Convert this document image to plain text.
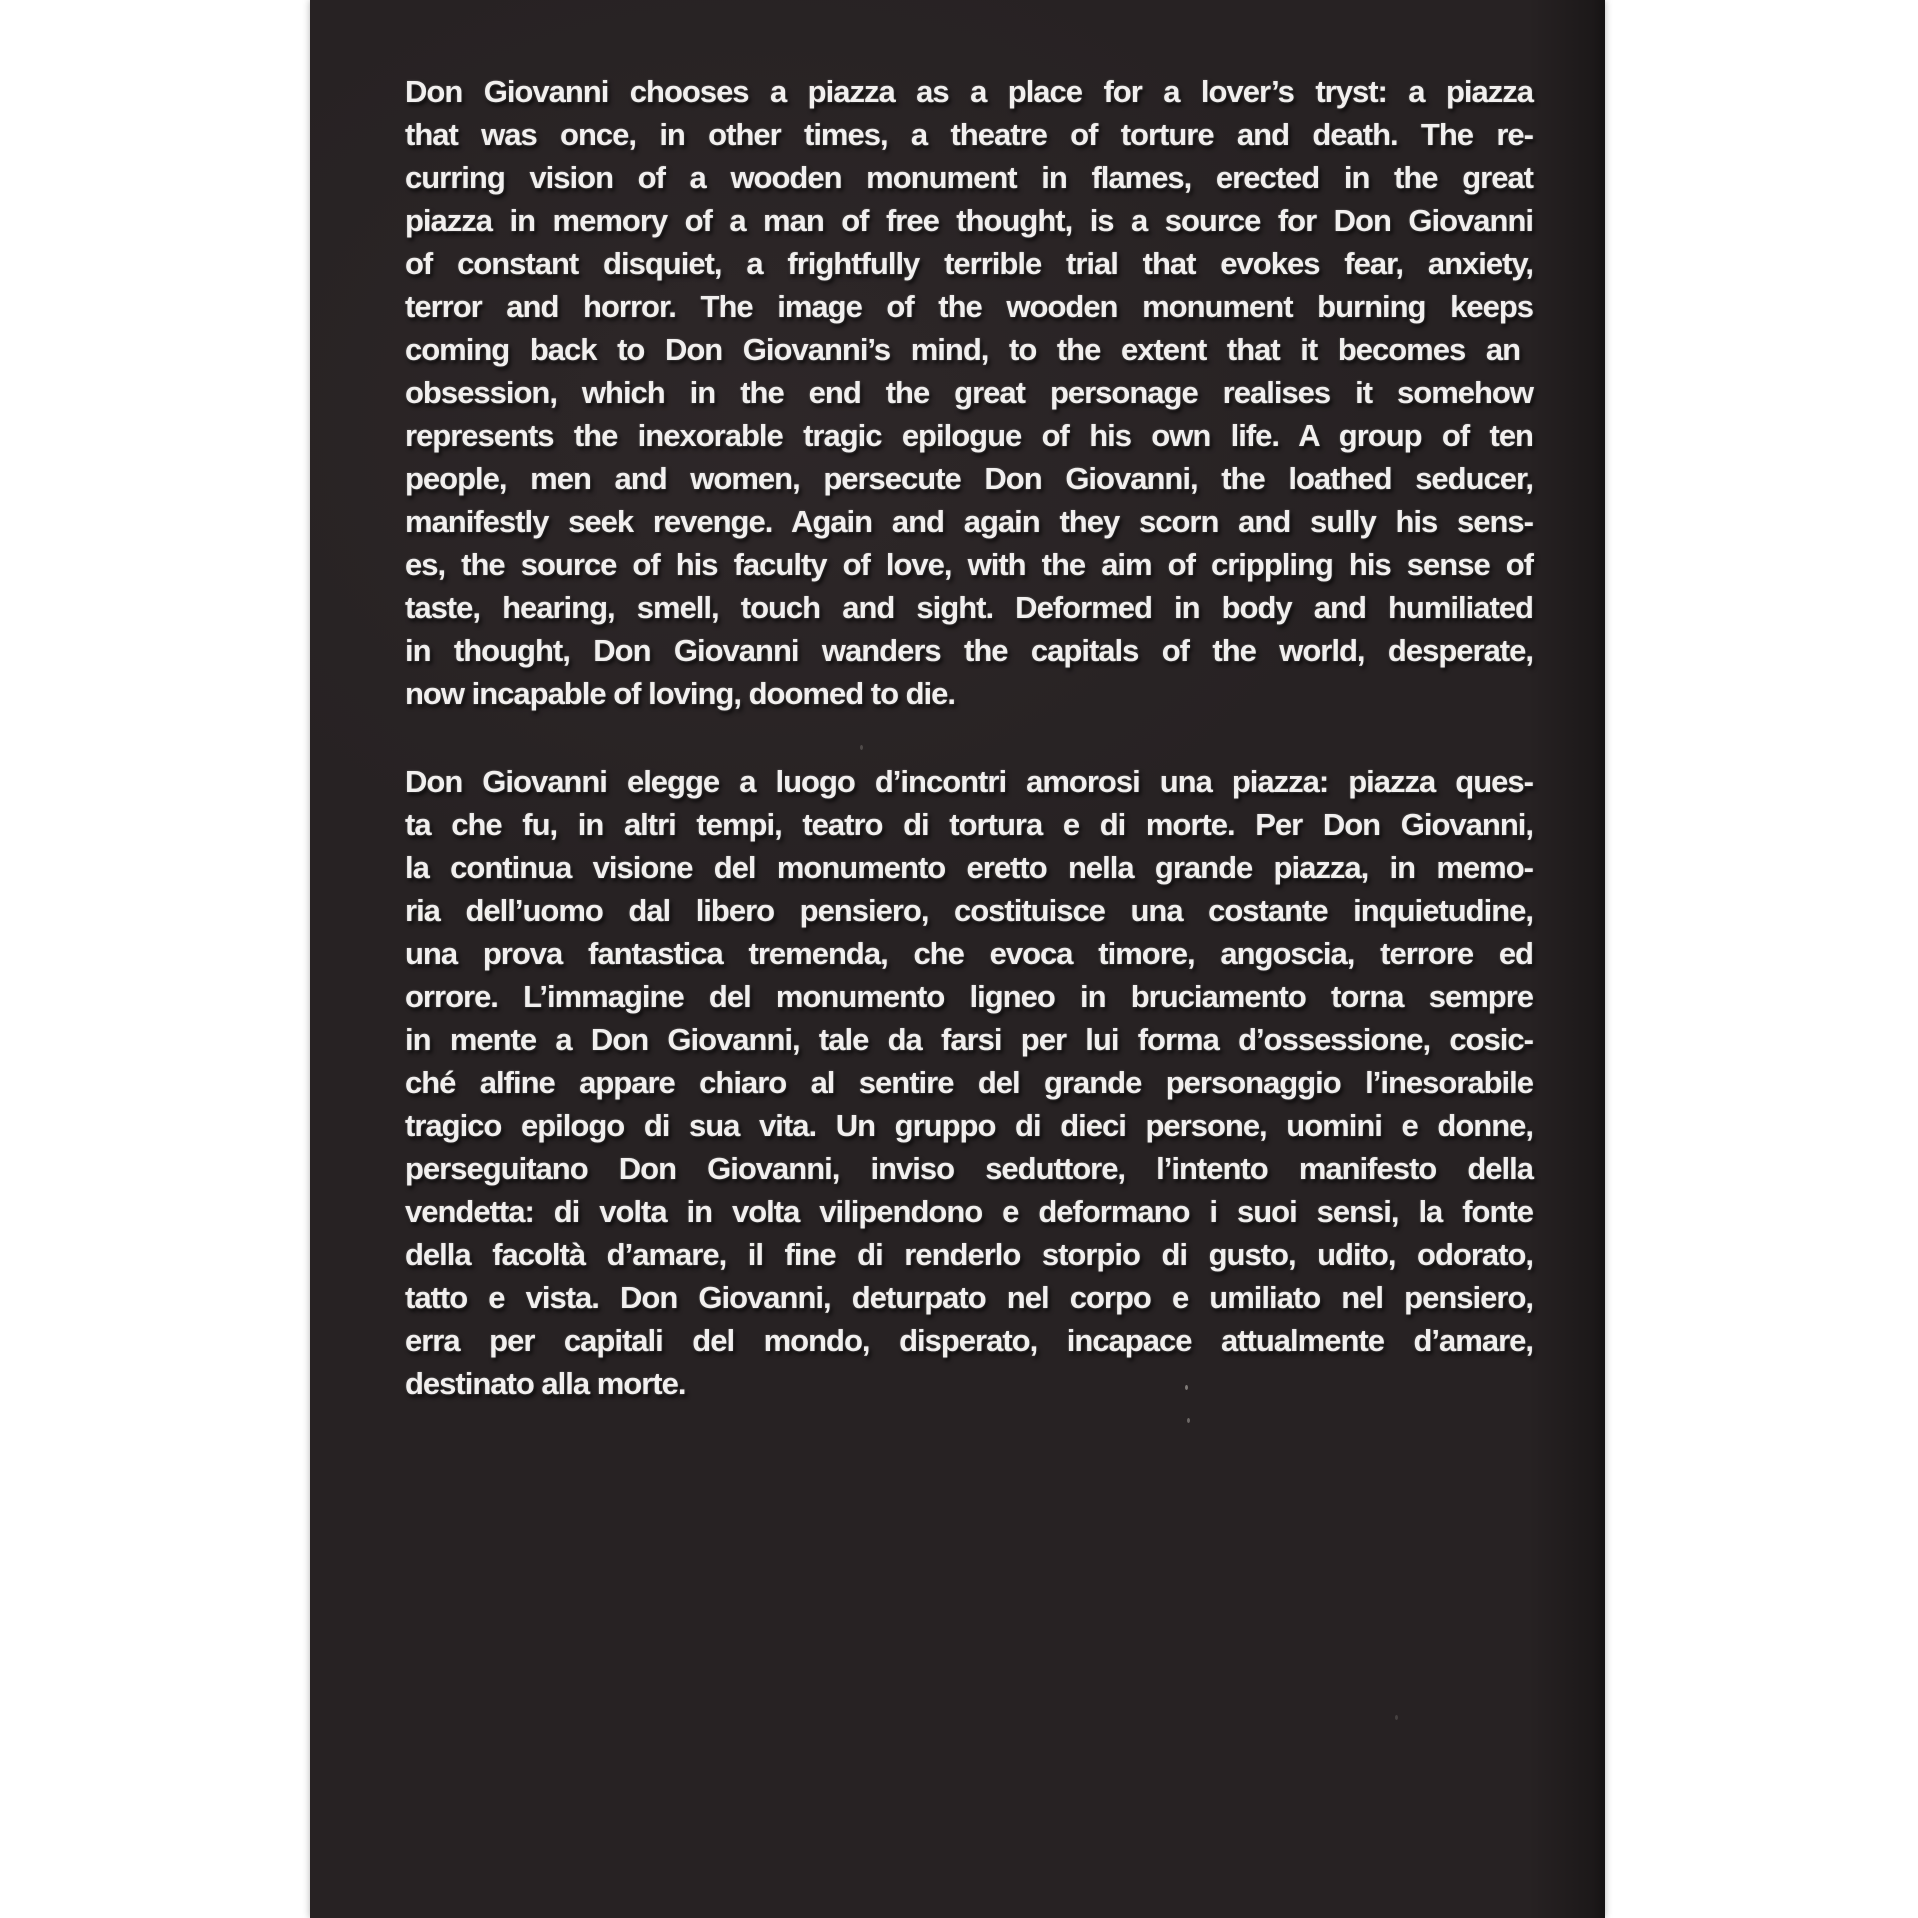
Don Giovanni chooses a piazza as a place for a lover’s tryst: a piazza
that was once, in other times, a theatre of torture and death. The re-
curring vision of a wooden monument in flames, erected in the great
piazza in memory of a man of free thought, is a source for Don Giovanni
of constant disquiet, a frightfully terrible trial that evokes fear, anxiety,
terror and horror. The image of the wooden monument burning keeps
coming back to Don Giovanni’s mind, to the extent that it becomes an
obsession, which in the end the great personage realises it somehow
represents the inexorable tragic epilogue of his own life. A group of ten
people, men and women, persecute Don Giovanni, the loathed seducer,
manifestly seek revenge. Again and again they scorn and sully his sens-
es, the source of his faculty of love, with the aim of crippling his sense of
taste, hearing, smell, touch and sight. Deformed in body and humiliated
in thought, Don Giovanni wanders the capitals of the world, desperate,
now incapable of loving, doomed to die.
Don Giovanni elegge a luogo d’incontri amorosi una piazza: piazza ques-
ta che fu, in altri tempi, teatro di tortura e di morte. Per Don Giovanni,
la continua visione del monumento eretto nella grande piazza, in memo-
ria dell’uomo dal libero pensiero, costituisce una costante inquietudine,
una prova fantastica tremenda, che evoca timore, angoscia, terrore ed
orrore. L’immagine del monumento ligneo in bruciamento torna sempre
in mente a Don Giovanni, tale da farsi per lui forma d’ossessione, cosic-
ché alfine appare chiaro al sentire del grande personaggio l’inesorabile
tragico epilogo di sua vita. Un gruppo di dieci persone, uomini e donne,
perseguitano Don Giovanni, inviso seduttore, l’intento manifesto della
vendetta: di volta in volta vilipendono e deformano i suoi sensi, la fonte
della facoltà d’amare, il fine di renderlo storpio di gusto, udito, odorato,
tatto e vista. Don Giovanni, deturpato nel corpo e umiliato nel pensiero,
erra per capitali del mondo, disperato, incapace attualmente d’amare,
destinato alla morte.
